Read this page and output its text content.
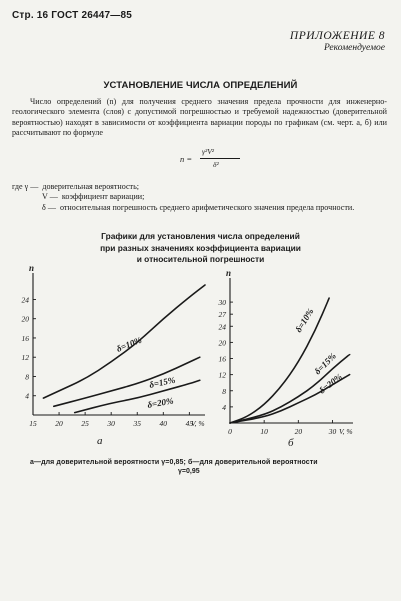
Стр. 16 ГОСТ 26447—85
ПРИЛОЖЕНИЕ 8
Рекомендуемое
УСТАНОВЛЕНИЕ ЧИСЛА ОПРЕДЕЛЕНИЙ
Число определений (n) для получения среднего значения предела прочности для инженерно-геологического элемента (слоя) с допустимой погрешностью и требуемой надежностью (доверительной вероятностью) находят в зависимости от коэффициента вариации породы по графикам (см. черт. а, б) или рассчитывают по формуле
n =
γ²V²
δ²
где γ — доверительная вероятность;
V — коэффициент вариации;
δ — относительная погрешность среднего арифметического значения предела прочности.
Графики для установления числа определений
при разных значениях коэффициента вариации
и относительной погрешности
n
4
8
12
16
20
24
15 20 25 30 35 40 45
V, %
δ=10%
δ=15%
δ=20%
а
n
4
8
12
16
20
24
27
30
0	10	20	30 V, %
δ=10%
δ=15%
δ=20%
б
а—для доверительной вероятности γ=0,85; б—для доверительной вероятности
γ=0,95
